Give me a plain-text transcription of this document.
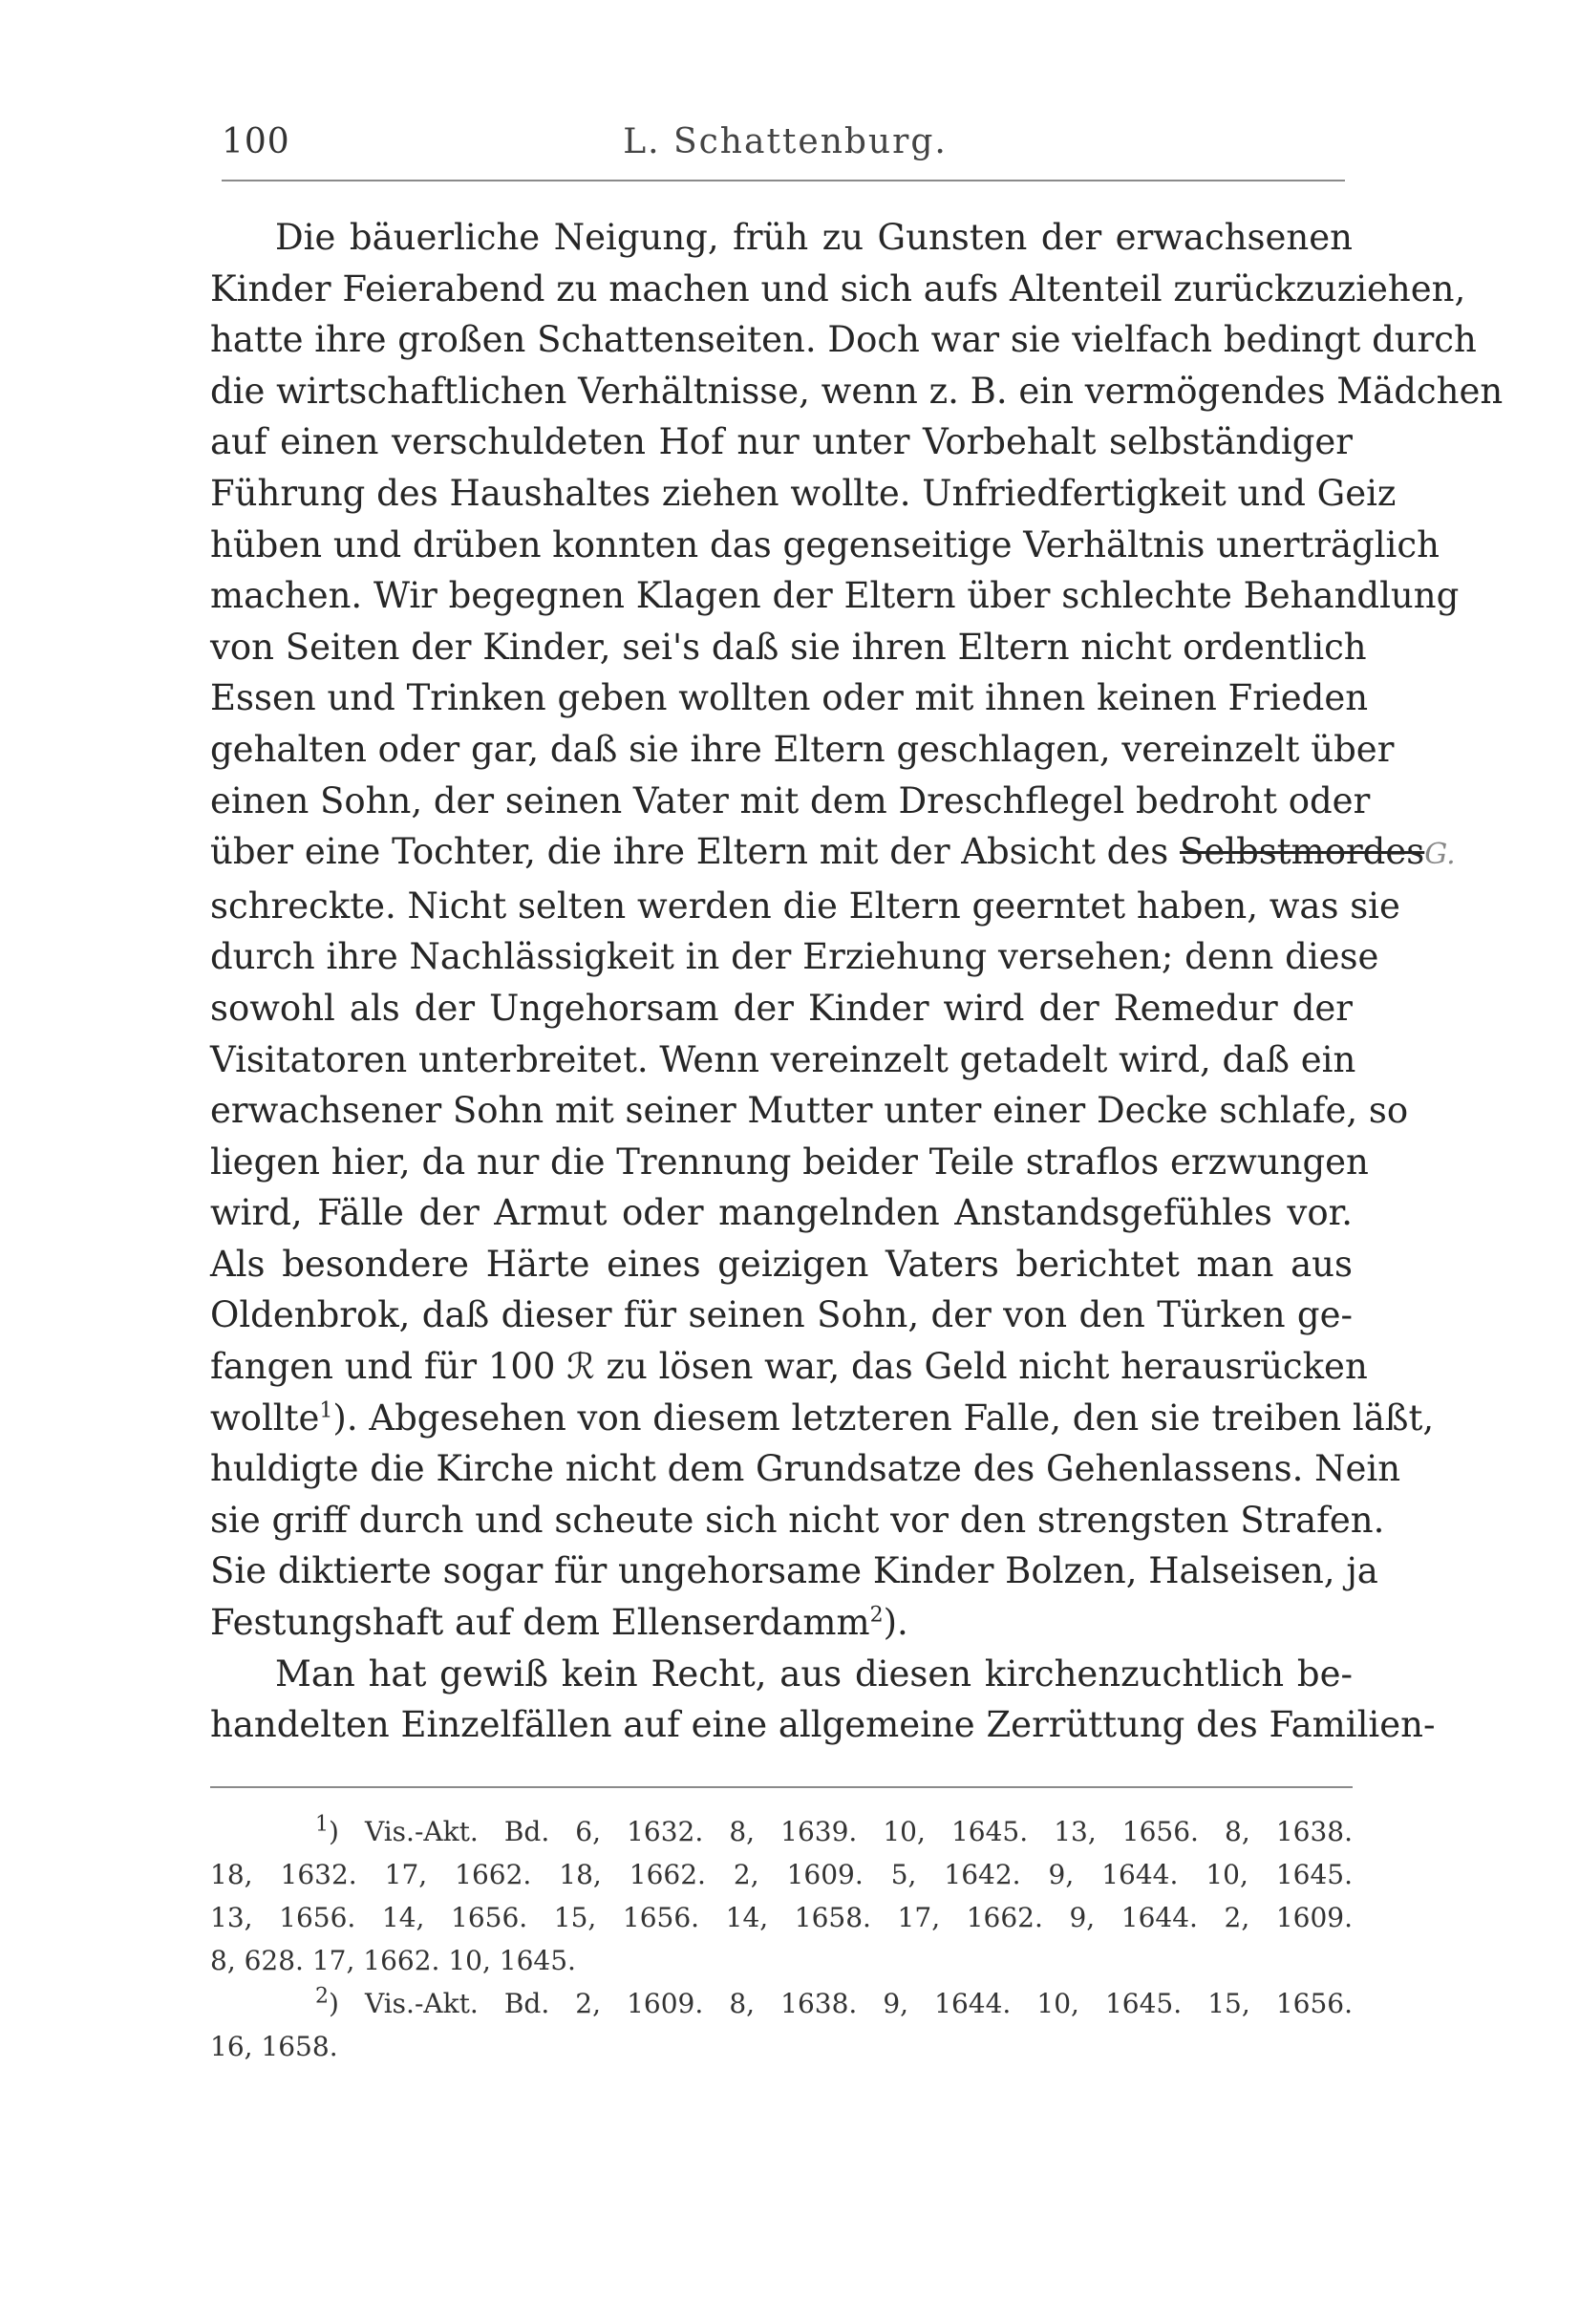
100	L. Schattenburg.
Die bäuerliche Neigung, früh zu Gunsten der erwachsenen
Kinder Feierabend zu machen und sich aufs Altenteil zurückzuziehen,
hatte ihre großen Schattenseiten. Doch war sie vielfach bedingt durch
die wirtschaftlichen Verhältnisse, wenn z. B. ein vermögendes Mädchen
auf einen verschuldeten Hof nur unter Vorbehalt selbständiger
Führung des Haushaltes ziehen wollte. Unfriedfertigkeit und Geiz
hüben und drüben konnten das gegenseitige Verhältnis unerträglich
machen. Wir begegnen Klagen der Eltern über schlechte Behandlung
von Seiten der Kinder, sei's daß sie ihren Eltern nicht ordentlich
Essen und Trinken geben wollten oder mit ihnen keinen Frieden
gehalten oder gar, daß sie ihre Eltern geschlagen, vereinzelt über
einen Sohn, der seinen Vater mit dem Dreschflegel bedroht oder
über eine Tochter, die ihre Eltern mit der Absicht des SelbstmordesG.
schreckte. Nicht selten werden die Eltern geerntet haben, was sie
durch ihre Nachlässigkeit in der Erziehung versehen; denn diese
sowohl als der Ungehorsam der Kinder wird der Remedur der
Visitatoren unterbreitet. Wenn vereinzelt getadelt wird, daß ein
erwachsener Sohn mit seiner Mutter unter einer Decke schlafe, so
liegen hier, da nur die Trennung beider Teile straflos erzwungen
wird, Fälle der Armut oder mangelnden Anstandsgefühles vor.
Als besondere Härte eines geizigen Vaters berichtet man aus
Oldenbrok, daß dieser für seinen Sohn, der von den Türken ge-
fangen und für 100 ℛ zu lösen war, das Geld nicht herausrücken
wollte$^1$). Abgesehen von diesem letzteren Falle, den sie treiben läßt,
huldigte die Kirche nicht dem Grundsatze des Gehenlassens. Nein
sie griff durch und scheute sich nicht vor den strengsten Strafen.
Sie diktierte sogar für ungehorsame Kinder Bolzen, Halseisen, ja
Festungshaft auf dem Ellenserdamm$^2$).
Man hat gewiß kein Recht, aus diesen kirchenzuchtlich be-
handelten Einzelfällen auf eine allgemeine Zerrüttung des Familien-
$^1$) Vis.-Akt. Bd. 6, 1632. 8, 1639. 10, 1645. 13, 1656. 8, 1638.
18, 1632. 17, 1662. 18, 1662. 2, 1609. 5, 1642. 9, 1644. 10, 1645.
13, 1656. 14, 1656. 15, 1656. 14, 1658. 17, 1662. 9, 1644. 2, 1609.
8, 628. 17, 1662. 10, 1645.
$^2$) Vis.-Akt. Bd. 2, 1609. 8, 1638. 9, 1644. 10, 1645. 15, 1656.
16, 1658.
